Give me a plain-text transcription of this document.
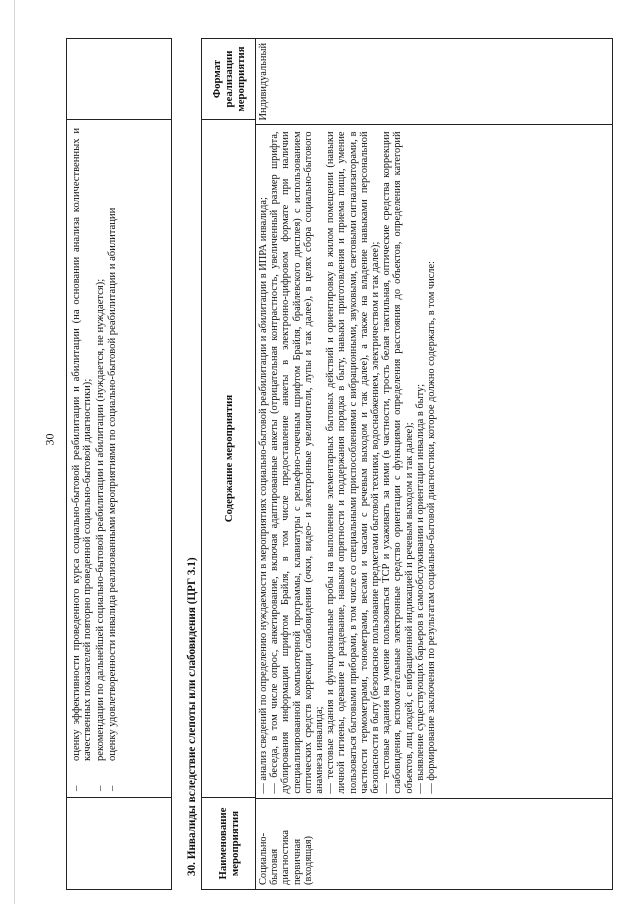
30
–
оценку эффективности проведенного курса социально-бытовой реабилитации и абилитации (на основании анализа количественных и качественных показателей повторно проведенной социально-бытовой диагностики);
–
рекомендации по дальнейшей социально-бытовой реабилитации и абилитации (нуждается, не нуждается);
–
оценку удовлетворенности инвалида реализованными мероприятиями по социально-бытовой реабилитации и абилитации	30. Инвалиды вследствие слепоты или слабовидения (ЦРГ 3.1)	Наименование мероприятия
Содержание мероприятия
Формат реализации мероприятия
Социально-бытовая диагностика первичная (входящая)
— анализ сведений по определению нуждаемости в мероприятиях социально-бытовой реабилитации и абилитации в ИПРА инвалида; — беседа, в том числе опрос, анкетирование, включая адаптированные анкеты (отрицательная контрастность, увеличенный размер шрифта, дублирования информации шрифтом Брайля, в том числе предоставление анкеты в электронно-цифровом формате при наличии специализированной компьютерной программы, клавиатуры с рельефно-точечным шрифтом Брайля, брайлевского дисплея) с использованием оптических средств коррекции слабовидения (очки, видео- и электронные увеличители, лупы и так далее), в целях сбора социально-бытового анамнеза инвалида; — тестовые задания и функциональные пробы на выполнение элементарных бытовых действий и ориентировку в жилом помещении (навыки личной гигиены, одевание и раздевание, навыки опрятности и поддержания порядка в быту, навыки приготовления и приема пищи, умение пользоваться бытовыми приборами, в том числе со специальными приспособлениями с вибрационными, звуковыми, световыми сигнализаторами, в частности термометрами, тонометрами, весами и часами с речевым выходом и так далее), а также на владение навыками персональной безопасности в быту (безопасное пользование предметами бытовой техники, водоснабжением, электричеством и так далее); — тестовые задания на умение пользоваться ТСР и ухаживать за ними (в частности, трость белая тактильная, оптические средства коррекции слабовидения, вспомогательные электронные средство ориентации с функциями определения расстояния до объектов, определения категорий объектов, лиц людей, с вибрационной индикацией и речевым выходом и так далее); — выявление существующих барьеров в самообслуживании и ориентации инвалида в быту; — формирование заключения по результатам социально-бытовой диагностики, которое должно содержать, в том числе:
Индивидуальный
